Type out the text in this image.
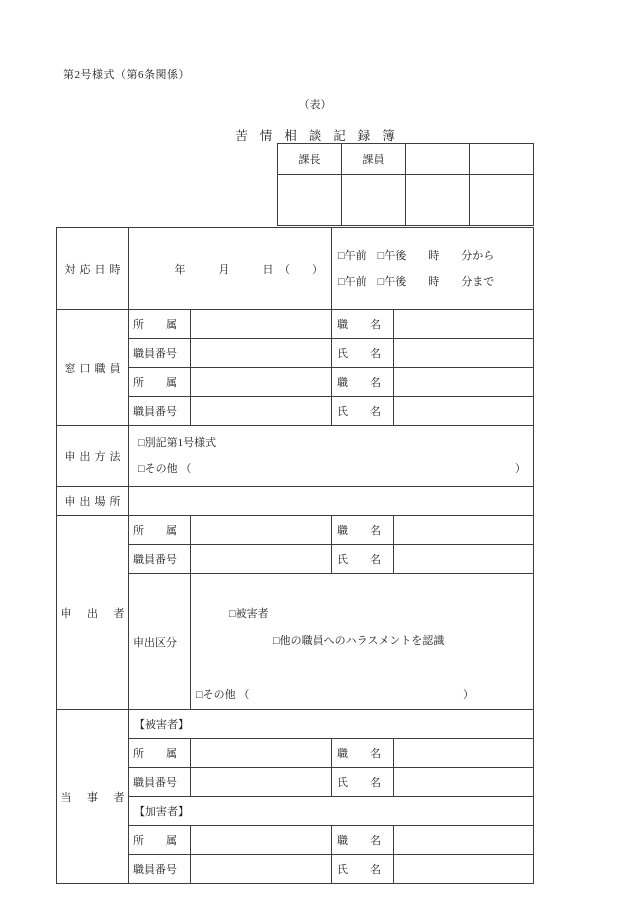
第2号様式（第6条関係）
（表）
苦情相談記録簿
課長	課員		

対応日時	年　　　月　　　日　（　　）		□午前　□午後　　時　　分から
□午前　□午後　　時　　分まで	

窓口職員	所属		職名	
	職員番号		氏名	
	所属		職名	
	職員番号		氏名	
申出方法	□別記第1号様式
□その他 （ ）			

申出場所				
申出者	所属		職名	
	職員番号		氏名	
	申出区分	□被害者
□他の職員へのハラスメントを認識

□その他 （ ）		

当事者	【被害者】			
	所属		職名	
	職員番号		氏名	
	【加害者】			
	所属		職名	
	職員番号		氏名	
